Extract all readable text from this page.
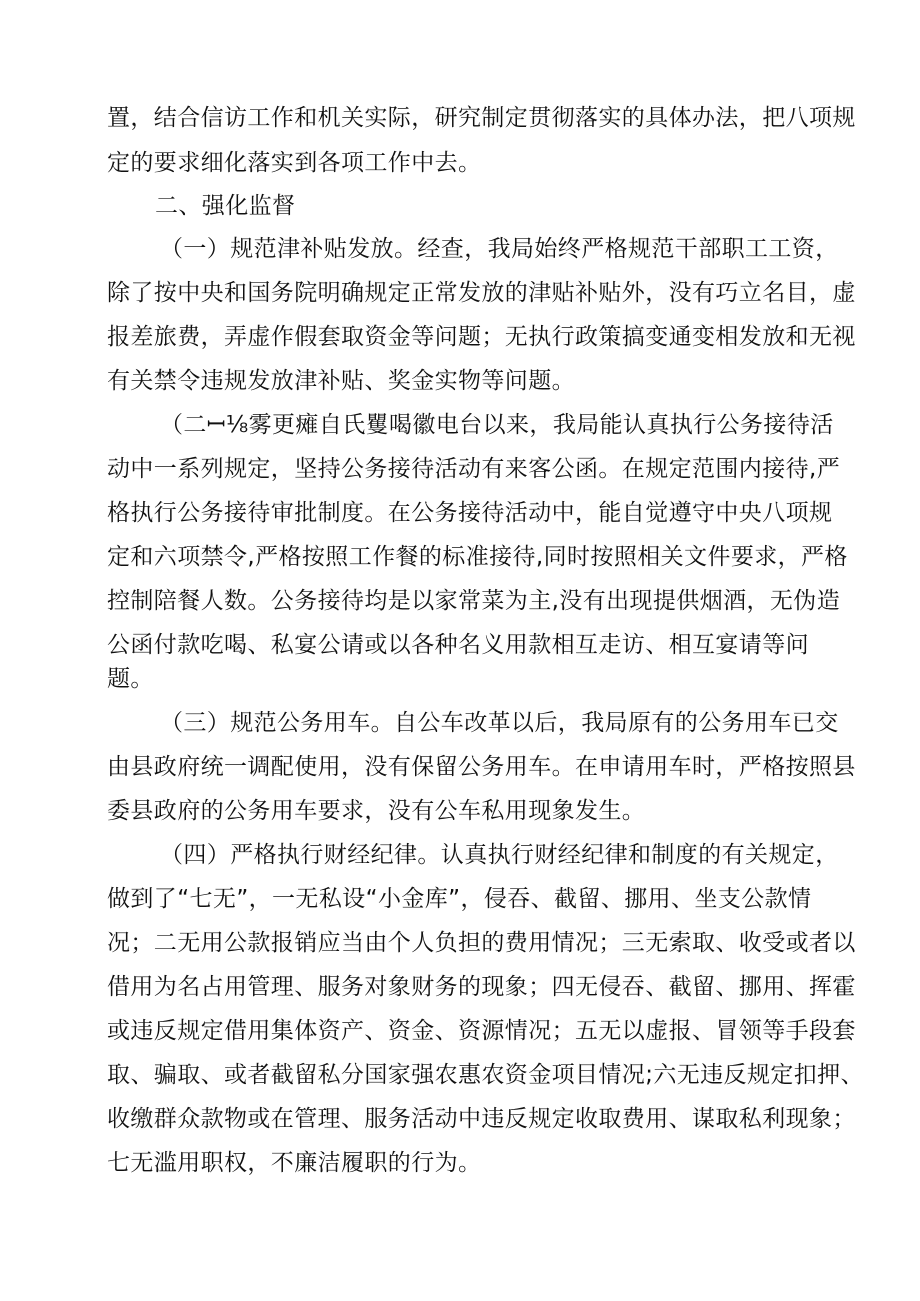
置，结合信访工作和机关实际，研究制定贯彻落实的具体办法，把八项规
定的要求细化落实到各项工作中去。
二、强化监督
（一）规范津补贴发放。经查，我局始终严格规范干部职工工资，
除了按中央和国务院明确规定正常发放的津贴补贴外，没有巧立名目，虚
报差旅费，弄虚作假套取资金等问题；无执行政策搞变通变相发放和无视
有关禁令违规发放津补贴、奖金实物等问题。
（二ꟷ⅛雾更瘫自氏矍喝徽电台以来，我局能认真执行公务接待活
动中一系列规定，坚持公务接待活动有来客公函。在规定范围内接待,严
格执行公务接待审批制度。在公务接待活动中，能自觉遵守中央八项规
定和六项禁令,严格按照工作餐的标准接待,同时按照相关文件要求，严格
控制陪餐人数。公务接待均是以家常菜为主,没有出现提供烟酒，无伪造
公函付款吃喝、私宴公请或以各种名义用款相互走访、相互宴请等问
题。
（三）规范公务用车。自公车改革以后，我局原有的公务用车已交
由县政府统一调配使用，没有保留公务用车。在申请用车时，严格按照县
委县政府的公务用车要求，没有公车私用现象发生。
（四）严格执行财经纪律。认真执行财经纪律和制度的有关规定，
做到了“七无”，一无私设“小金库”，侵吞、截留、挪用、坐支公款情
况；二无用公款报销应当由个人负担的费用情况；三无索取、收受或者以
借用为名占用管理、服务对象财务的现象；四无侵吞、截留、挪用、挥霍
或违反规定借用集体资产、资金、资源情况；五无以虚报、冒领等手段套
取、骗取、或者截留私分国家强农惠农资金项目情况;六无违反规定扣押、
收缴群众款物或在管理、服务活动中违反规定收取费用、谋取私利现象；
七无滥用职权，不廉洁履职的行为。
